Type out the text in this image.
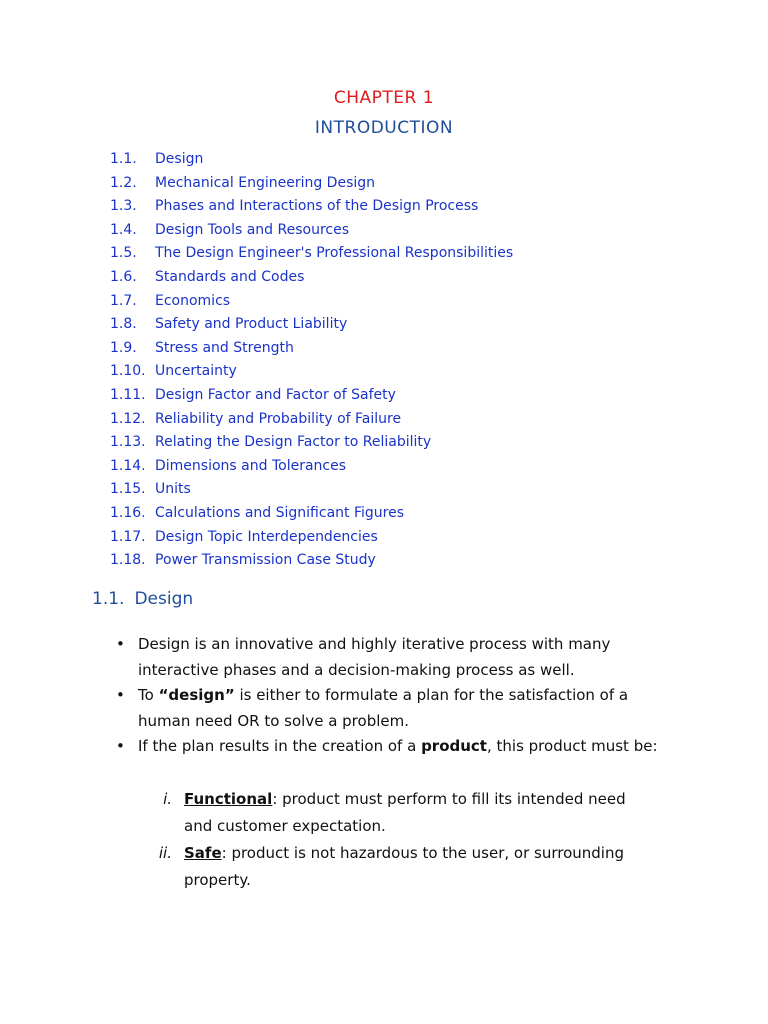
CHAPTER 1
INTRODUCTION
1.1.	Design
1.2.	Mechanical Engineering Design
1.3.	Phases and Interactions of the Design Process
1.4.	Design Tools and Resources
1.5.	The Design Engineer's Professional Responsibilities
1.6.	Standards and Codes
1.7.	Economics
1.8.	Safety and Product Liability
1.9.	Stress and Strength
1.10. Uncertainty
1.11. Design Factor and Factor of Safety
1.12. Reliability and Probability of Failure
1.13. Relating the Design Factor to Reliability
1.14. Dimensions and Tolerances
1.15. Units
1.16. Calculations and Significant Figures
1.17. Design Topic Interdependencies
1.18. Power Transmission Case Study
1.1. Design
• Design is an innovative and highly iterative process with many interactive phases and a decision-making process as well.
• To “design” is either to formulate a plan for the satisfaction of a human need OR to solve a problem.
• If the plan results in the creation of a product, this product must be:
i. Functional: product must perform to fill its intended need and customer expectation.
ii. Safe: product is not hazardous to the user, or surrounding property.
